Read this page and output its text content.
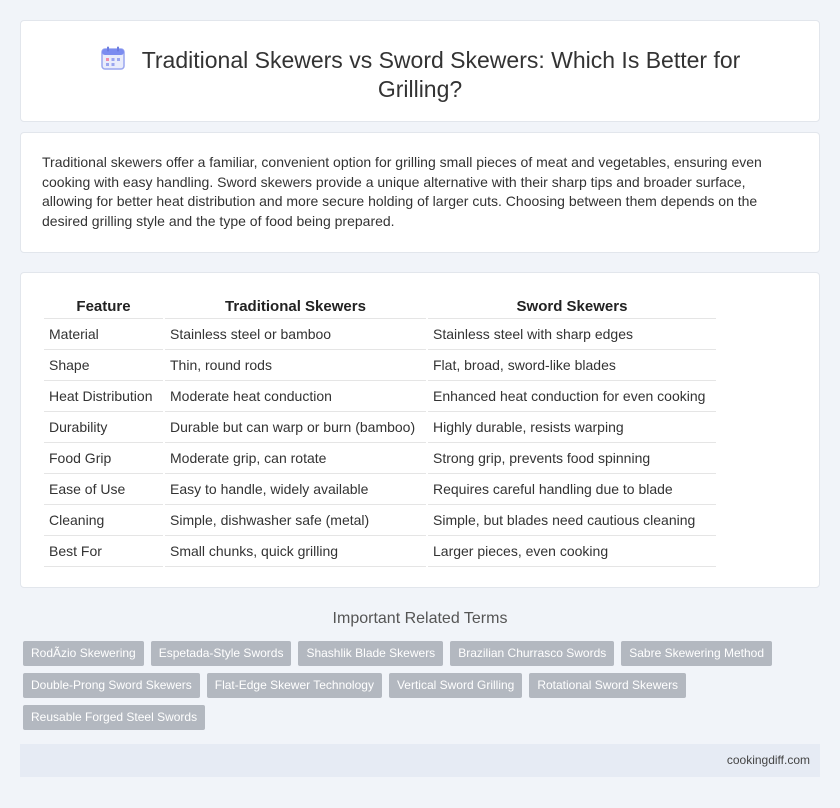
Traditional Skewers vs Sword Skewers: Which Is Better for Grilling?

Traditional skewers offer a familiar, convenient option for grilling small pieces of meat and vegetables, ensuring even cooking with easy handling. Sword skewers provide a unique alternative with their sharp tips and broader surface, allowing for better heat distribution and more secure holding of larger cuts. Choosing between them depends on the desired grilling style and the type of food being prepared.

Feature	Traditional Skewers	Sword Skewers
Material	Stainless steel or bamboo	Stainless steel with sharp edges
Shape	Thin, round rods	Flat, broad, sword-like blades
Heat Distribution	Moderate heat conduction	Enhanced heat conduction for even cooking
Durability	Durable but can warp or burn (bamboo)	Highly durable, resists warping
Food Grip	Moderate grip, can rotate	Strong grip, prevents food spinning
Ease of Use	Easy to handle, widely available	Requires careful handling due to blade
Cleaning	Simple, dishwasher safe (metal)	Simple, but blades need cautious cleaning
Best For	Small chunks, quick grilling	Larger pieces, even cooking
Important Related Terms
RodÃzio Skewering	Espetada-Style Swords	Shashlik Blade Skewers	Brazilian Churrasco Swords	Sabre Skewering Method
Double-Prong Sword Skewers	Flat-Edge Skewer Technology	Vertical Sword Grilling	Rotational Sword Skewers
Reusable Forged Steel Swords
cookingdiff.com
